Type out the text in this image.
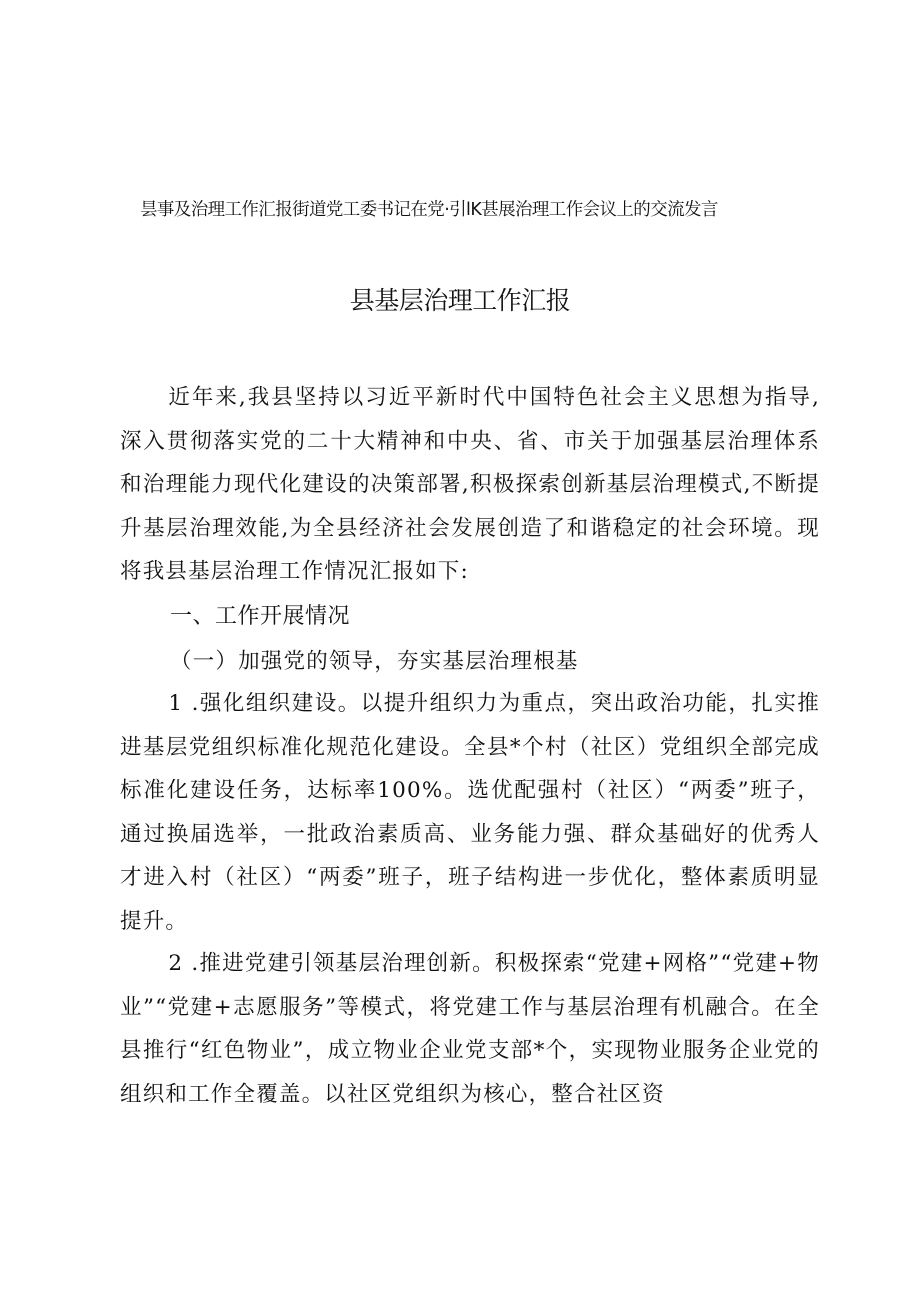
昙事及治理工作汇报街道党工委书记在党·引lK甚展治理工作会议上的交流发言
县基层治理工作汇报

近年来,我县坚持以习近平新时代中国特色社会主义思想为指导,深入贯彻落实党的二十大精神和中央、省、市关于加强基层治理体系和治理能力现代化建设的决策部署,积极探索创新基层治理模式,不断提升基层治理效能,为全县经济社会发展创造了和谐稳定的社会环境。现将我县基层治理工作情况汇报如下:

一、工作开展情况
（一）加强党的领导，夯实基层治理根基

1 .强化组织建设。以提升组织力为重点，突出政治功能，扎实推进基层党组织标准化规范化建设。全县*个村（社区）党组织全部完成标准化建设任务，达标率100%。选优配强村（社区）“两委”班子，通过换届选举，一批政治素质高、业务能力强、群众基础好的优秀人才进入村（社区）“两委”班子，班子结构进一步优化，整体素质明显提升。

2 .推进党建引领基层治理创新。积极探索“党建+网格”“党建+物业”“党建+志愿服务”等模式，将党建工作与基层治理有机融合。在全县推行“红色物业”，成立物业企业党支部*个，实现物业服务企业党的组织和工作全覆盖。以社区党组织为核心，整合社区资
